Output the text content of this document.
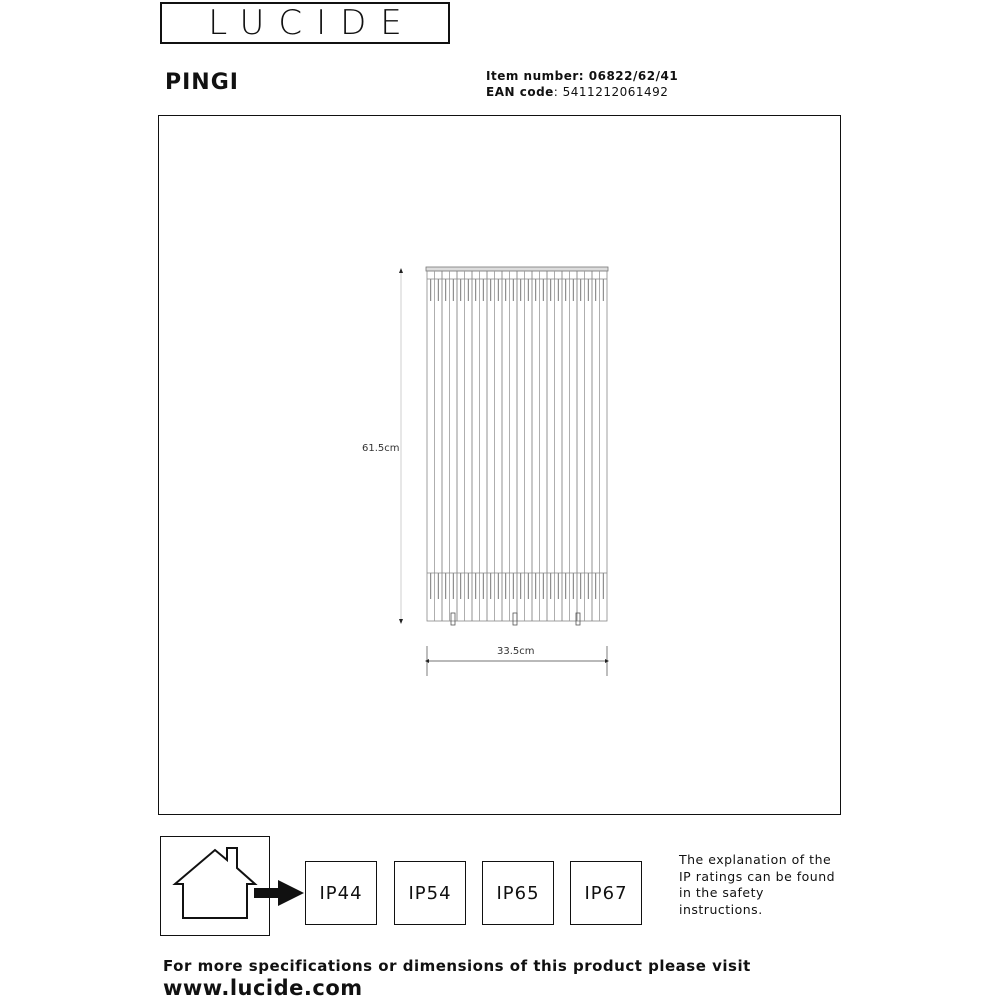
LUCIDE
PINGI	Item number: 06822/62/41
EAN code: 5411212061492
61.5cm
33.5cm
IP44	IP54	IP65	IP67
The explanation of the
IP ratings can be found
in the safety
instructions.
For more specifications or dimensions of this product please visit
www.lucide.com
